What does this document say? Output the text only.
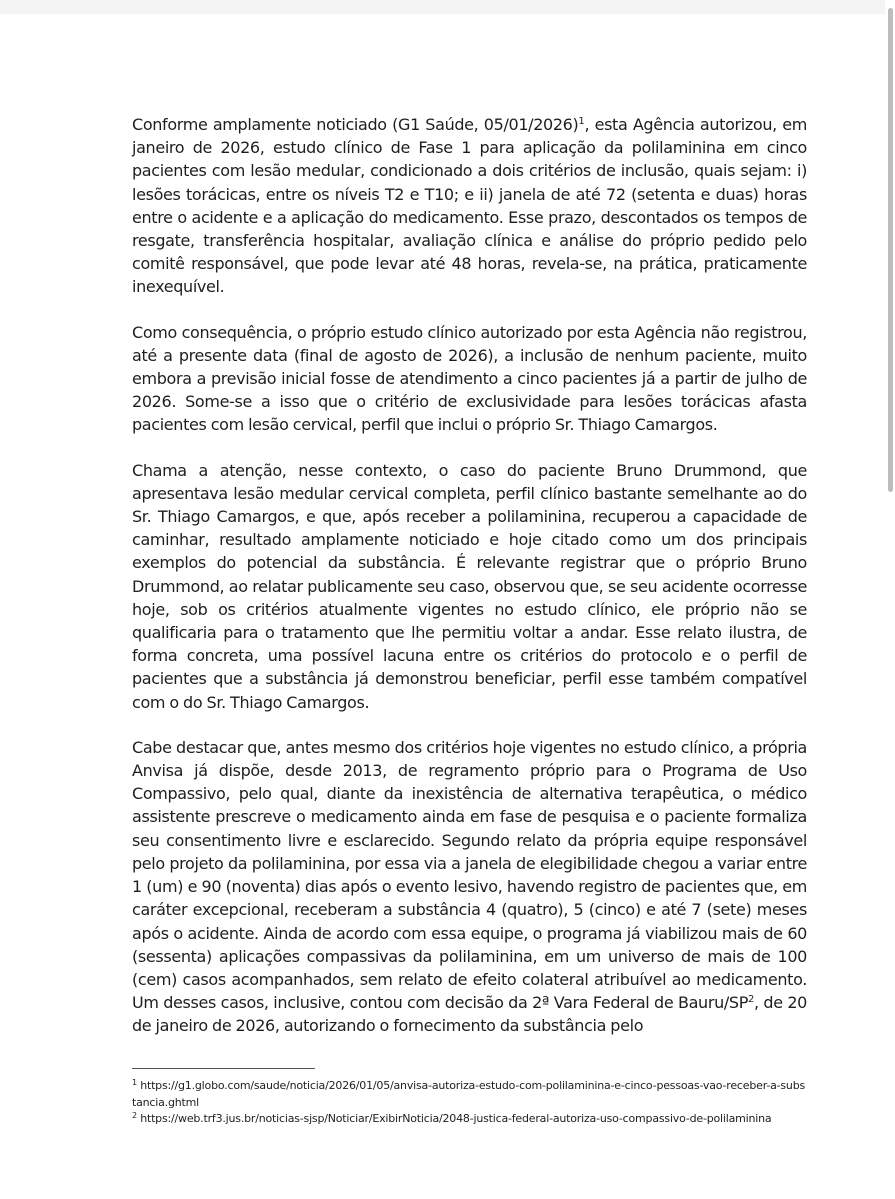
Conforme amplamente noticiado (G1 Saúde, 05/01/2026)$^1$, esta Agência autorizou, em janeiro de 2026, estudo clínico de Fase 1 para aplicação da polilaminina em cinco pacientes com lesão medular, condicionado a dois critérios de inclusão, quais sejam: i) lesões torácicas, entre os níveis T2 e T10; e ii) janela de até 72 (setenta e duas) horas entre o acidente e a aplicação do medicamento. Esse prazo, descontados os tempos de resgate, transferência hospitalar, avaliação clínica e análise do próprio pedido pelo comitê responsável, que pode levar até 48 horas, revela-se, na prática, praticamente inexequível.

Como consequência, o próprio estudo clínico autorizado por esta Agência não registrou, até a presente data (final de agosto de 2026), a inclusão de nenhum paciente, muito embora a previsão inicial fosse de atendimento a cinco pacientes já a partir de julho de 2026. Some-se a isso que o critério de exclusividade para lesões torácicas afasta pacientes com lesão cervical, perfil que inclui o próprio Sr. Thiago Camargos.

Chama a atenção, nesse contexto, o caso do paciente Bruno Drummond, que apresentava lesão medular cervical completa, perfil clínico bastante semelhante ao do Sr. Thiago Camargos, e que, após receber a polilaminina, recuperou a capacidade de caminhar, resultado amplamente noticiado e hoje citado como um dos principais exemplos do potencial da substância. É relevante registrar que o próprio Bruno Drummond, ao relatar publicamente seu caso, observou que, se seu acidente ocorresse hoje, sob os critérios atualmente vigentes no estudo clínico, ele próprio não se qualificaria para o tratamento que lhe permitiu voltar a andar. Esse relato ilustra, de forma concreta, uma possível lacuna entre os critérios do protocolo e o perfil de pacientes que a substância já demonstrou beneficiar, perfil esse também compatível com o do Sr. Thiago Camargos.

Cabe destacar que, antes mesmo dos critérios hoje vigentes no estudo clínico, a própria Anvisa já dispõe, desde 2013, de regramento próprio para o Programa de Uso Compassivo, pelo qual, diante da inexistência de alternativa terapêutica, o médico assistente prescreve o medicamento ainda em fase de pesquisa e o paciente formaliza seu consentimento livre e esclarecido. Segundo relato da própria equipe responsável pelo projeto da polilaminina, por essa via a janela de elegibilidade chegou a variar entre 1 (um) e 90 (noventa) dias após o evento lesivo, havendo registro de pacientes que, em caráter excepcional, receberam a substância 4 (quatro), 5 (cinco) e até 7 (sete) meses após o acidente. Ainda de acordo com essa equipe, o programa já viabilizou mais de 60 (sessenta) aplicações compassivas da polilaminina, em um universo de mais de 100 (cem) casos acompanhados, sem relato de efeito colateral atribuível ao medicamento. Um desses casos, inclusive, contou com decisão da 2ª Vara Federal de Bauru/$SP^2$, de 20 de janeiro de 2026, autorizando o fornecimento da substância pelo

$^1$ https://g1.globo.com/saude/noticia/2026/01/05/anvisa-autoriza-estudo-com-polilaminina-e-cinco-pessoas-vao-receber-a-substancia.ghtml
$^2$ https://web.trf3.jus.br/noticias-sjsp/Noticiar/ExibirNoticia/2048-justica-federal-autoriza-uso-compassivo-de-polilaminina
